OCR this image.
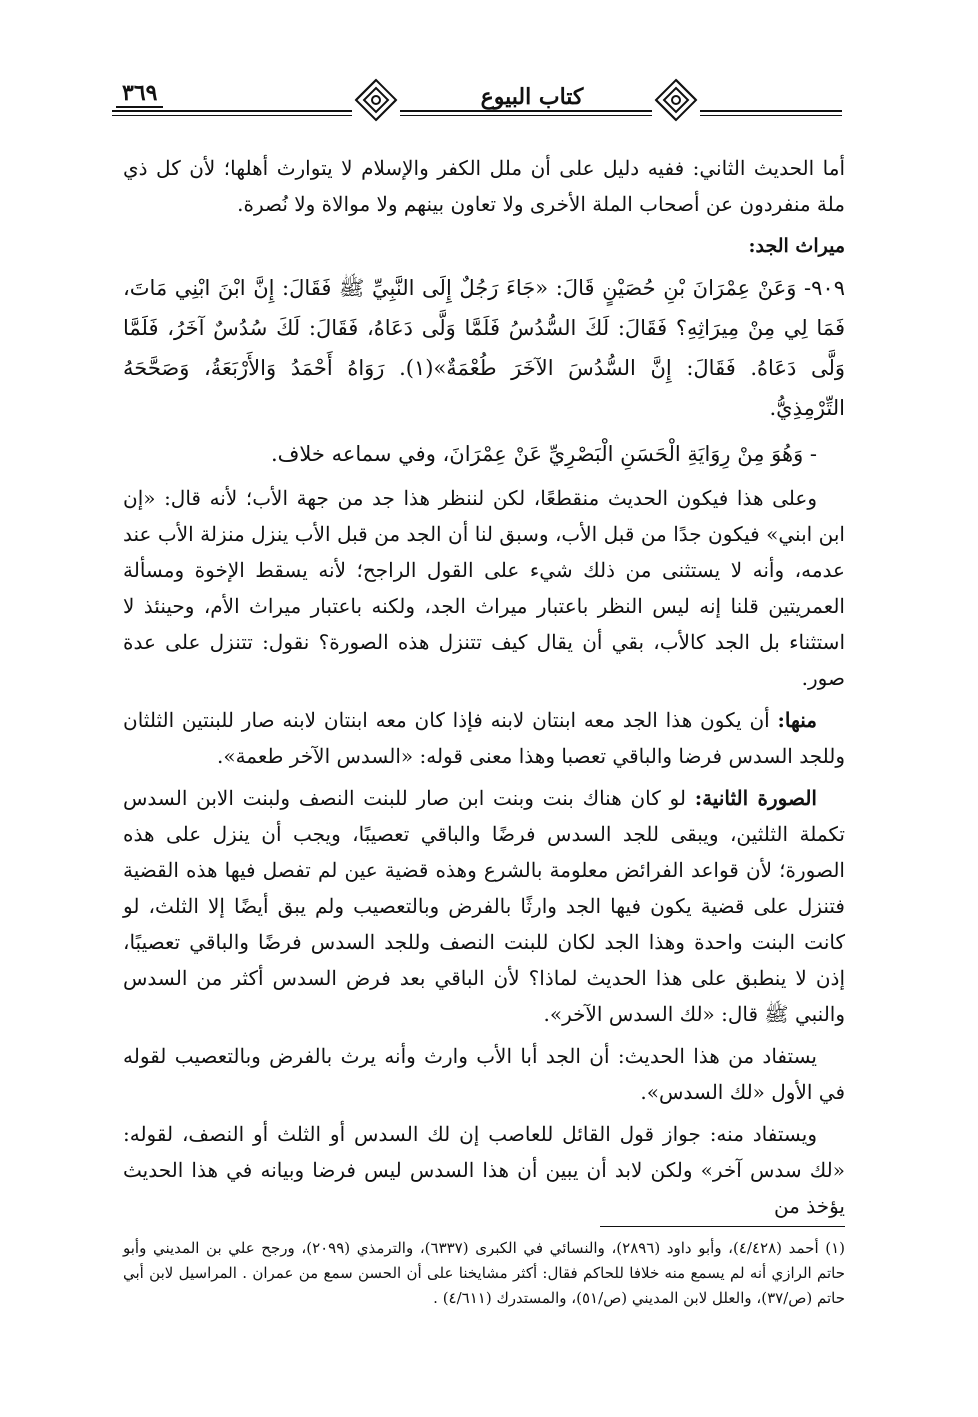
٣٦٩	كتاب البيوع

أما الحديث الثاني: ففيه دليل على أن ملل الكفر والإسلام لا يتوارث أهلها؛ لأن كل ذي ملة منفردون عن أصحاب الملة الأخرى ولا تعاون بينهم ولا موالاة ولا نُصرة.

ميراث الجد:

٩٠٩- وَعَنْ عِمْرَانَ بْنِ حُصَيْنٍ قَالَ: «جَاءَ رَجُلٌ إِلَى النَّبِيِّ ﷺ فَقَالَ: إِنَّ ابْنَ ابْنِي مَاتَ، فَمَا لِي مِنْ مِيرَاثِهِ؟ فَقَالَ: لَكَ السُّدُسُ فَلَمَّا وَلَّى دَعَاهُ، فَقَالَ: لَكَ سُدُسٌ آخَرُ، فَلَمَّا وَلَّى دَعَاهُ. فَقَالَ: إِنَّ السُّدُسَ الآخَرَ طُعْمَةٌ»(١). رَوَاهُ أَحْمَدُ وَالأَرْبَعَةُ، وَصَحَّحَهُ التِّرْمِذِيُّ.

- وَهُوَ مِنْ رِوَايَةِ الْحَسَنِ الْبَصْرِيِّ عَنْ عِمْرَانَ، وفي سماعه خلاف.

وعلى هذا فيكون الحديث منقطعًا، لكن لننظر هذا جد من جهة الأب؛ لأنه قال: «إن ابن ابني» فيكون جدًا من قبل الأب، وسبق لنا أن الجد من قبل الأب ينزل منزلة الأب عند عدمه، وأنه لا يستثنى من ذلك شيء على القول الراجح؛ لأنه يسقط الإخوة ومسألة العمريتين قلنا إنه ليس النظر باعتبار ميراث الجد، ولكنه باعتبار ميراث الأم، وحينئذ لا استثناء بل الجد كالأب، بقي أن يقال كيف تتنزل هذه الصورة؟ نقول: تتنزل على عدة صور.

منها: أن يكون هذا الجد معه ابنتان لابنه فإذا كان معه ابنتان لابنه صار للبنتين الثلثان وللجد السدس فرضا والباقي تعصبا وهذا معنى قوله: «السدس الآخر طعمة».

الصورة الثانية: لو كان هناك بنت وبنت ابن صار للبنت النصف ولبنت الابن السدس تكملة الثلثين، ويبقى للجد السدس فرضًا والباقي تعصيبًا، ويجب أن ينزل على هذه الصورة؛ لأن قواعد الفرائض معلومة بالشرع وهذه قضية عين لم تفصل فيها هذه القضية فتنزل على قضية يكون فيها الجد وارثًا بالفرض وبالتعصيب ولم يبق أيضًا إلا الثلث، لو كانت البنت واحدة وهذا الجد لكان للبنت النصف وللجد السدس فرضًا والباقي تعصيبًا، إذن لا ينطبق على هذا الحديث لماذا؟ لأن الباقي بعد فرض السدس أكثر من السدس والنبي ﷺ قال: «لك السدس الآخر».

يستفاد من هذا الحديث: أن الجد أبا الأب وارث وأنه يرث بالفرض وبالتعصيب لقوله في الأول «لك السدس».

ويستفاد منه: جواز قول القائل للعاصب إن لك السدس أو الثلث أو النصف، لقوله: «لك سدس آخر» ولكن لابد أن يبين أن هذا السدس ليس فرضا وبيانه في هذا الحديث يؤخذ من

(١) أحمد (٤/٤٢٨)، وأبو داود (٢٨٩٦)، والنسائي في الكبرى (٦٣٣٧)، والترمذي (٢٠٩٩)، ورجح علي بن المديني وأبو حاتم الرازي أنه لم يسمع منه خلافا للحاكم فقال: أكثر مشايخنا على أن الحسن سمع من عمران . المراسيل لابن أبي حاتم (ص/٣٧)، والعلل لابن المديني (ص/٥١)، والمستدرك (٤/٦١١) .
